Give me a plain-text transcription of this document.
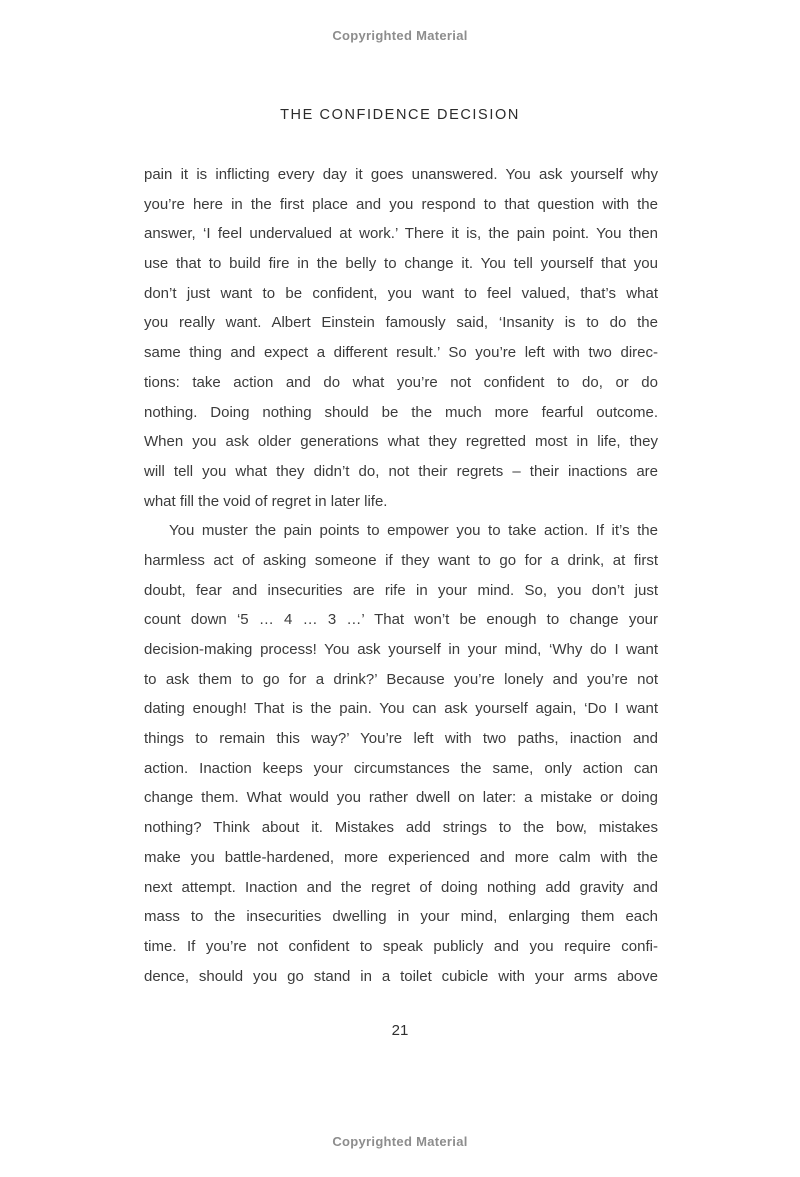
Copyrighted Material
THE CONFIDENCE DECISION
pain it is inflicting every day it goes unanswered. You ask yourself why
you’re here in the first place and you respond to that question with the
answer, ‘I feel undervalued at work.’ There it is, the pain point. You then
use that to build fire in the belly to change it. You tell yourself that you
don’t just want to be confident, you want to feel valued, that’s what
you really want. Albert Einstein famously said, ‘Insanity is to do the
same thing and expect a different result.’ So you’re left with two direc-
tions: take action and do what you’re not confident to do, or do
nothing. Doing nothing should be the much more fearful outcome.
When you ask older generations what they regretted most in life, they
will tell you what they didn’t do, not their regrets – their inactions are
what fill the void of regret in later life.
You muster the pain points to empower you to take action. If it’s the
harmless act of asking someone if they want to go for a drink, at first
doubt, fear and insecurities are rife in your mind. So, you don’t just
count down ‘5 … 4 … 3 …’ That won’t be enough to change your
decision-making process! You ask yourself in your mind, ‘Why do I want
to ask them to go for a drink?’ Because you’re lonely and you’re not
dating enough! That is the pain. You can ask yourself again, ‘Do I want
things to remain this way?’ You’re left with two paths, inaction and
action. Inaction keeps your circumstances the same, only action can
change them. What would you rather dwell on later: a mistake or doing
nothing? Think about it. Mistakes add strings to the bow, mistakes
make you battle-hardened, more experienced and more calm with the
next attempt. Inaction and the regret of doing nothing add gravity and
mass to the insecurities dwelling in your mind, enlarging them each
time. If you’re not confident to speak publicly and you require confi-
dence, should you go stand in a toilet cubicle with your arms above
21
Copyrighted Material
